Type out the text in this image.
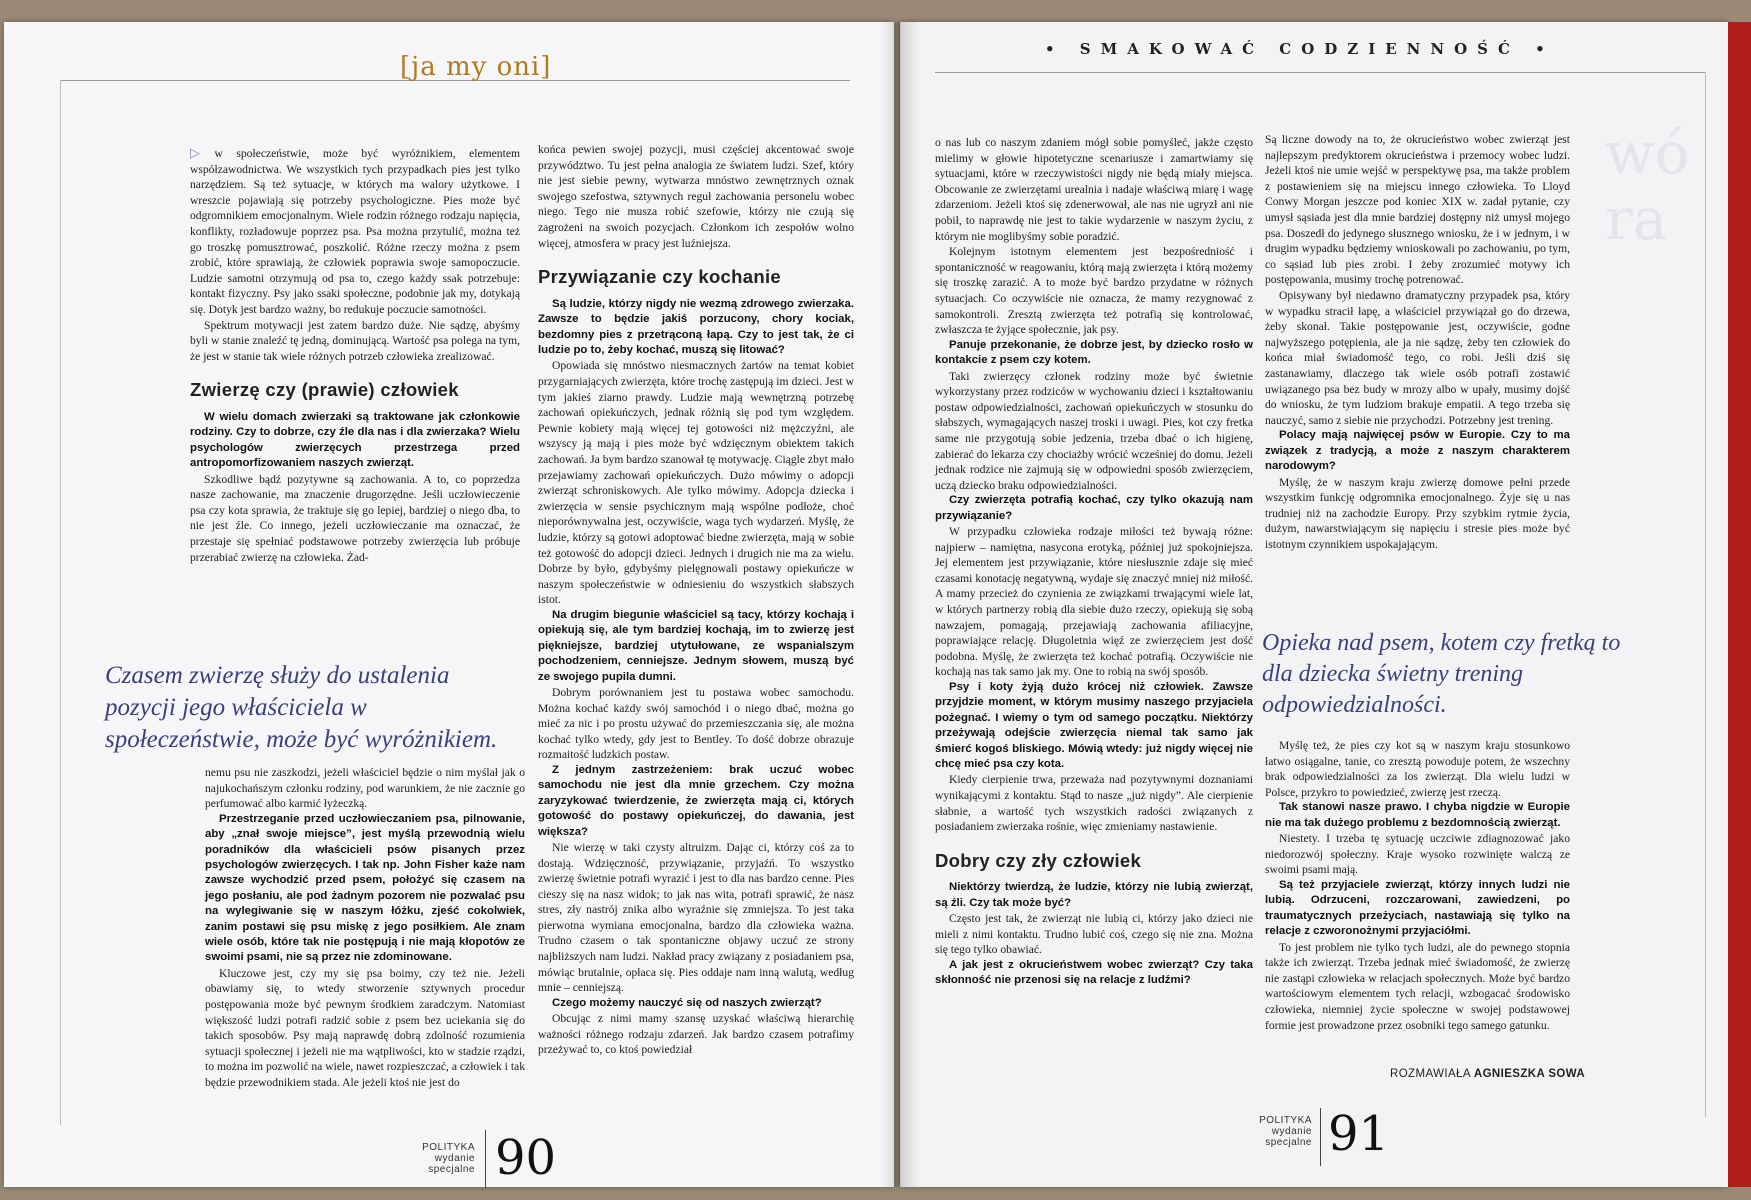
[ja my oni]
• SMAKOWAĆ CODZIENNOŚĆ •
wó ra

▷ w społeczeństwie, może być wyróżnikiem, elementem współzawodnictwa. We wszystkich tych przypadkach pies jest tylko narzędziem. Są też sytuacje, w których ma walory użytkowe. I wreszcie pojawiają się potrzeby psychologiczne. Pies może być odgromnikiem emocjonalnym. Wiele rodzin różnego rodzaju napięcia, konflikty, rozładowuje poprzez psa. Psa można przytulić, można też go troszkę pomusztrować, poszkolić. Różne rzeczy można z psem zrobić, które sprawiają, że człowiek poprawia swoje samopoczucie. Ludzie samotni otrzymują od psa to, czego każdy ssak potrzebuje: kontakt fizyczny. Psy jako ssaki społeczne, podobnie jak my, dotykają się. Dotyk jest bardzo ważny, bo redukuje poczucie samotności.

Spektrum motywacji jest zatem bardzo duże. Nie sądzę, abyśmy byli w stanie znaleźć tę jedną, dominującą. Wartość psa polega na tym, że jest w stanie tak wiele różnych potrzeb człowieka zrealizować.

Zwierzę czy (prawie) człowiek

W wielu domach zwierzaki są traktowane jak członkowie rodziny. Czy to dobrze, czy źle dla nas i dla zwierzaka? Wielu psychologów zwierzęcych przestrzega przed antropomorfizowaniem naszych zwierząt.

Szkodliwe bądź pozytywne są zachowania. A to, co poprzedza nasze zachowanie, ma znaczenie drugorzędne. Jeśli uczłowieczenie psa czy kota sprawia, że traktuje się go lepiej, bardziej o niego dba, to nie jest źle. Co innego, jeżeli uczłowieczanie ma oznaczać, że przestaje się spełniać podstawowe potrzeby zwierzęcia lub próbuje przerabiać zwierzę na człowieka. Żad-

Czasem zwierzę służy do ustalenia pozycji jego właściciela w społeczeństwie, może być wyróżnikiem.

nemu psu nie zaszkodzi, jeżeli właściciel będzie o nim myślał jak o najukochańszym członku rodziny, pod warunkiem, że nie zacznie go perfumować albo karmić łyżeczką.

Przestrzeganie przed uczłowieczaniem psa, pilnowanie, aby „znał swoje miejsce”, jest myślą przewodnią wielu poradników dla właścicieli psów pisanych przez psychologów zwierzęcych. I tak np. John Fisher każe nam zawsze wychodzić przed psem, położyć się czasem na jego posłaniu, ale pod żadnym pozorem nie pozwalać psu na wylegiwanie się w naszym łóżku, zjeść cokolwiek, zanim postawi się psu miskę z jego posiłkiem. Ale znam wiele osób, które tak nie postępują i nie mają kłopotów ze swoimi psami, nie są przez nie zdominowane.

Kluczowe jest, czy my się psa boimy, czy też nie. Jeżeli obawiamy się, to wtedy stworzenie sztywnych procedur postępowania może być pewnym środkiem zaradczym. Natomiast większość ludzi potrafi radzić sobie z psem bez uciekania się do takich sposobów. Psy mają naprawdę dobrą zdolność rozumienia sytuacji społecznej i jeżeli nie ma wątpliwości, kto w stadzie rządzi, to można im pozwolić na wiele, nawet rozpieszczać, a człowiek i tak będzie przewodnikiem stada. Ale jeżeli ktoś nie jest do

końca pewien swojej pozycji, musi częściej akcentować swoje przywództwo. Tu jest pełna analogia ze światem ludzi. Szef, który nie jest siebie pewny, wytwarza mnóstwo zewnętrznych oznak swojego szefostwa, sztywnych reguł zachowania personelu wobec niego. Tego nie musza robić szefowie, którzy nie czują się zagrożeni na swoich pozycjach. Członkom ich zespołów wolno więcej, atmosfera w pracy jest luźniejsza.

Przywiązanie czy kochanie

Są ludzie, którzy nigdy nie wezmą zdrowego zwierzaka. Zawsze to będzie jakiś porzucony, chory kociak, bezdomny pies z przetrąconą łapą. Czy to jest tak, że ci ludzie po to, żeby kochać, muszą się litować?

Opowiada się mnóstwo niesmacznych żartów na temat kobiet przygarniających zwierzęta, które trochę zastępują im dzieci. Jest w tym jakieś ziarno prawdy. Ludzie mają wewnętrzną potrzebę zachowań opiekuńczych, jednak różnią się pod tym względem. Pewnie kobiety mają więcej tej gotowości niż mężczyźni, ale wszyscy ją mają i pies może być wdzięcznym obiektem takich zachowań. Ja bym bardzo szanował tę motywację. Ciągle zbyt mało przejawiamy zachowań opiekuńczych. Dużo mówimy o adopcji zwierząt schroniskowych. Ale tylko mówimy. Adopcja dziecka i zwierzęcia w sensie psychicznym mają wspólne podłoże, choć nieporównywalna jest, oczywiście, waga tych wydarzeń. Myślę, że ludzie, którzy są gotowi adoptować biedne zwierzęta, mają w sobie też gotowość do adopcji dzieci. Jednych i drugich nie ma za wielu. Dobrze by było, gdybyśmy pielęgnowali postawy opiekuńcze w naszym społeczeństwie w odniesieniu do wszystkich słabszych istot.

Na drugim biegunie właściciel są tacy, którzy kochają i opiekują się, ale tym bardziej kochają, im to zwierzę jest piękniejsze, bardziej utytułowane, ze wspanialszym pochodzeniem, cenniejsze. Jednym słowem, muszą być ze swojego pupila dumni.

Dobrym porównaniem jest tu postawa wobec samochodu. Można kochać każdy swój samochód i o niego dbać, można go mieć za nic i po prostu używać do przemieszczania się, ale można kochać tylko wtedy, gdy jest to Bentley. To dość dobrze obrazuje rozmaitość ludzkich postaw.

Z jednym zastrzeżeniem: brak uczuć wobec samochodu nie jest dla mnie grzechem. Czy można zaryzykować twierdzenie, że zwierzęta mają ci, których gotowość do postawy opiekuńczej, do dawania, jest większa?

Nie wierzę w taki czysty altruizm. Dając ci, którzy coś za to dostają. Wdzięczność, przywiązanie, przyjaźń. To wszystko zwierzę świetnie potrafi wyrazić i jest to dla nas bardzo cenne. Pies cieszy się na nasz widok; to jak nas wita, potrafi sprawić, że nasz stres, zły nastrój znika albo wyraźnie się zmniejsza. To jest taka pierwotna wymiana emocjonalna, bardzo dla człowieka ważna. Trudno czasem o tak spontaniczne objawy uczuć ze strony najbliższych nam ludzi. Nakład pracy związany z posiadaniem psa, mówiąc brutalnie, opłaca się. Pies oddaje nam inną walutą, według mnie – cenniejszą.

Czego możemy nauczyć się od naszych zwierząt?

Obcując z nimi mamy szansę uzyskać właściwą hierarchię ważności różnego rodzaju zdarzeń. Jak bardzo czasem potrafimy przeżywać to, co ktoś powiedział

POLITYKA
wydanie
specjalne 90

o nas lub co naszym zdaniem mógł sobie pomyśleć, jakże często mielimy w głowie hipotetyczne scenariusze i zamartwiamy się sytuacjami, które w rzeczywistości nigdy nie będą miały miejsca. Obcowanie ze zwierzętami urealnia i nadaje właściwą miarę i wagę zdarzeniom. Jeżeli ktoś się zdenerwował, ale nas nie ugryzł ani nie pobił, to naprawdę nie jest to takie wydarzenie w naszym życiu, z którym nie moglibyśmy sobie poradzić.

Kolejnym istotnym elementem jest bezpośredniość i spontaniczność w reagowaniu, którą mają zwierzęta i którą możemy się troszkę zarazić. A to może być bardzo przydatne w różnych sytuacjach. Co oczywiście nie oznacza, że mamy rezygnować z samokontroli. Zresztą zwierzęta też potrafią się kontrolować, zwłaszcza te żyjące społecznie, jak psy.

Panuje przekonanie, że dobrze jest, by dziecko rosło w kontakcie z psem czy kotem.

Taki zwierzęcy członek rodziny może być świetnie wykorzystany przez rodziców w wychowaniu dzieci i kształtowaniu postaw odpowiedzialności, zachowań opiekuńczych w stosunku do słabszych, wymagających naszej troski i uwagi. Pies, kot czy fretka same nie przygotują sobie jedzenia, trzeba dbać o ich higienę, zabierać do lekarza czy chociażby wrócić wcześniej do domu. Jeżeli jednak rodzice nie zajmują się w odpowiedni sposób zwierzęciem, uczą dziecko braku odpowiedzialności.

Czy zwierzęta potrafią kochać, czy tylko okazują nam przywiązanie?

W przypadku człowieka rodzaje miłości też bywają różne: najpierw – namiętna, nasycona erotyką, później już spokojniejsza. Jej elementem jest przywiązanie, które niesłusznie zdaje się mieć czasami konotację negatywną, wydaje się znaczyć mniej niż miłość. A mamy przecież do czynienia ze związkami trwającymi wiele lat, w których partnerzy robią dla siebie dużo rzeczy, opiekują się sobą nawzajem, pomagają, przejawiają zachowania afiliacyjne, poprawiające relację. Długoletnia więź ze zwierzęciem jest dość podobna. Myślę, że zwierzęta też kochać potrafią. Oczywiście nie kochają nas tak samo jak my. One to robią na swój sposób.

Psy i koty żyją dużo krócej niż człowiek. Zawsze przyjdzie moment, w którym musimy naszego przyjaciela pożegnać. I wiemy o tym od samego początku. Niektórzy przeżywają odejście zwierzęcia niemal tak samo jak śmierć kogoś bliskiego. Mówią wtedy: już nigdy więcej nie chcę mieć psa czy kota.

Kiedy cierpienie trwa, przeważa nad pozytywnymi doznaniami wynikającymi z kontaktu. Stąd to nasze „już nigdy”. Ale cierpienie słabnie, a wartość tych wszystkich radości związanych z posiadaniem zwierzaka rośnie, więc zmieniamy nastawienie.

Dobry czy zły człowiek

Niektórzy twierdzą, że ludzie, którzy nie lubią zwierząt, są źli. Czy tak może być?

Często jest tak, że zwierząt nie lubią ci, którzy jako dzieci nie mieli z nimi kontaktu. Trudno lubić coś, czego się nie zna. Można się tego tylko obawiać.

A jak jest z okrucieństwem wobec zwierząt? Czy taka skłonność nie przenosi się na relacje z ludźmi?

Są liczne dowody na to, że okrucieństwo wobec zwierząt jest najlepszym predyktorem okrucieństwa i przemocy wobec ludzi. Jeżeli ktoś nie umie wejść w perspektywę psa, ma także problem z postawieniem się na miejscu innego człowieka. To Lloyd Conwy Morgan jeszcze pod koniec XIX w. zadał pytanie, czy umysł sąsiada jest dla mnie bardziej dostępny niż umysł mojego psa. Doszedł do jedynego słusznego wniosku, że i w jednym, i w drugim wypadku będziemy wnioskowali po zachowaniu, po tym, co sąsiad lub pies zrobi. I żeby zrozumieć motywy ich postępowania, musimy trochę potrenować.

Opisywany był niedawno dramatyczny przypadek psa, który w wypadku stracił łapę, a właściciel przywiązał go do drzewa, żeby skonał. Takie postępowanie jest, oczywiście, godne najwyższego potępienia, ale ja nie sądzę, żeby ten człowiek do końca miał świadomość tego, co robi. Jeśli dziś się zastanawiamy, dlaczego tak wiele osób potrafi zostawić uwiązanego psa bez budy w mrozy albo w upały, musimy dojść do wniosku, że tym ludziom brakuje empatii. A tego trzeba się nauczyć, samo z siebie nie przychodzi. Potrzebny jest trening.

Polacy mają najwięcej psów w Europie. Czy to ma związek z tradycją, a może z naszym charakterem narodowym?

Myślę, że w naszym kraju zwierzę domowe pełni przede wszystkim funkcję odgromnika emocjonalnego. Żyje się u nas trudniej niż na zachodzie Europy. Przy szybkim rytmie życia, dużym, nawarstwiającym się napięciu i stresie pies może być istotnym czynnikiem uspokajającym.

Opieka nad psem, kotem czy fretką to dla dziecka świetny trening odpowiedzialności.

Myślę też, że pies czy kot są w naszym kraju stosunkowo łatwo osiągalne, tanie, co zresztą powoduje potem, że wszechny brak odpowiedzialności za los zwierząt. Dla wielu ludzi w Polsce, przykro to powiedzieć, zwierzę jest rzeczą.

Tak stanowi nasze prawo. I chyba nigdzie w Europie nie ma tak dużego problemu z bezdomnością zwierząt.

Niestety. I trzeba tę sytuację uczciwie zdiagnozować jako niedorozwój społeczny. Kraje wysoko rozwinięte walczą ze swoimi psami mają.

Są też przyjaciele zwierząt, którzy innych ludzi nie lubią. Odrzuceni, rozczarowani, zawiedzeni, po traumatycznych przeżyciach, nastawiają się tylko na relacje z czworonożnymi przyjaciółmi.

To jest problem nie tylko tych ludzi, ale do pewnego stopnia także ich zwierząt. Trzeba jednak mieć świadomość, że zwierzę nie zastąpi człowieka w relacjach społecznych. Może być bardzo wartościowym elementem tych relacji, wzbogacać środowisko człowieka, niemniej życie społeczne w swojej podstawowej formie jest prowadzone przez osobniki tego samego gatunku.

ROZMAWIAŁA AGNIESZKA SOWA
POLITYKA
wydanie
specjalne 91
